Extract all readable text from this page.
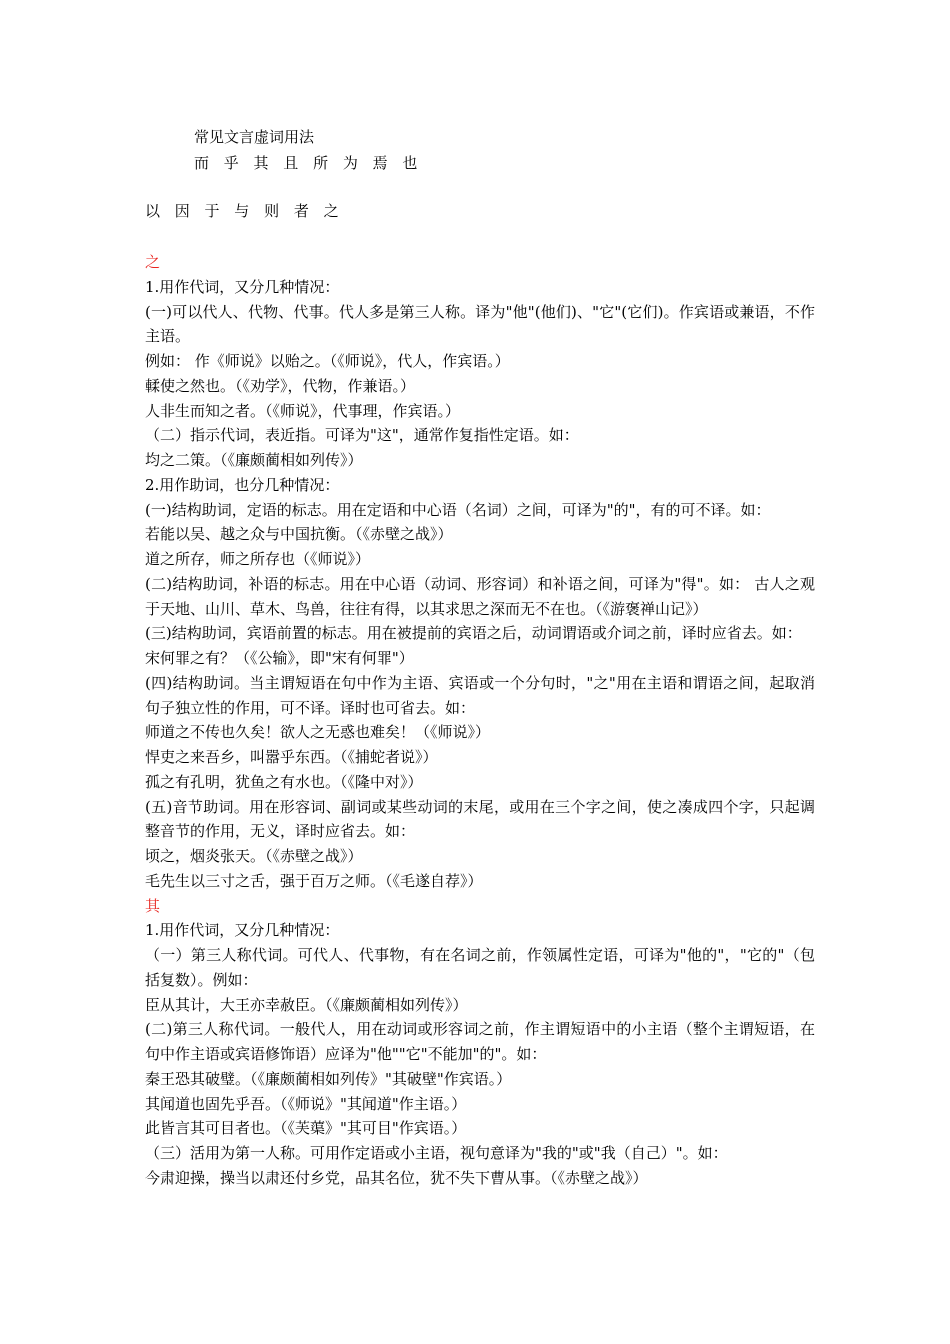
常见文言虚词用法
而 乎 其 且 所 为 焉 也
以 因 于 与 则 者 之
之
1.用作代词，又分几种情况：
(一)可以代人、代物、代事。代人多是第三人称。译为"他"(他们)、"它"(它们)。作宾语或兼语，不作主语。
例如： 作《师说》以贻之。（《师说》，代人，作宾语。）
輮使之然也。（《劝学》，代物，作兼语。）
人非生而知之者。（《师说》，代事理，作宾语。）
（二）指示代词，表近指。可译为"这"，通常作复指性定语。如：
均之二策。（《廉颇蔺相如列传》）
2.用作助词，也分几种情况：
(一)结构助词，定语的标志。用在定语和中心语（名词）之间，可译为"的"，有的可不译。如：
若能以吴、越之众与中国抗衡。（《赤壁之战》）
道之所存，师之所存也（《师说》）
(二)结构助词，补语的标志。用在中心语（动词、形容词）和补语之间，可译为"得"。如： 古人之观于天地、山川、草木、鸟兽，往往有得，以其求思之深而无不在也。（《游褒禅山记》）
(三)结构助词，宾语前置的标志。用在被提前的宾语之后，动词谓语或介词之前，译时应省去。如：
宋何罪之有？（《公输》，即"宋有何罪"）
(四)结构助词。当主谓短语在句中作为主语、宾语或一个分句时，"之"用在主语和谓语之间，起取消句子独立性的作用，可不译。译时也可省去。如：
师道之不传也久矣！欲人之无惑也难矣！（《师说》）
悍吏之来吾乡，叫嚣乎东西。（《捕蛇者说》）
孤之有孔明，犹鱼之有水也。（《隆中对》）
(五)音节助词。用在形容词、副词或某些动词的末尾，或用在三个字之间，使之凑成四个字，只起调整音节的作用，无义，译时应省去。如：
顷之，烟炎张天。（《赤壁之战》）
毛先生以三寸之舌，强于百万之师。（《毛遂自荐》）
其
1.用作代词，又分几种情况：
（一）第三人称代词。可代人、代事物，有在名词之前，作领属性定语，可译为"他的"，"它的"（包括复数）。例如：
臣从其计，大王亦幸赦臣。（《廉颇蔺相如列传》）
(二)第三人称代词。一般代人，用在动词或形容词之前，作主谓短语中的小主语（整个主谓短语，在句中作主语或宾语修饰语）应译为"他""它"不能加"的"。如：
秦王恐其破璧。（《廉颇蔺相如列传》"其破壁"作宾语。）
其闻道也固先乎吾。（《师说》"其闻道"作主语。）
此皆言其可目者也。（《芙蕖》"其可目"作宾语。）
（三）活用为第一人称。可用作定语或小主语，视句意译为"我的"或"我（自己）"。如：
今肃迎操，操当以肃还付乡党，品其名位，犹不失下曹从事。（《赤壁之战》）
